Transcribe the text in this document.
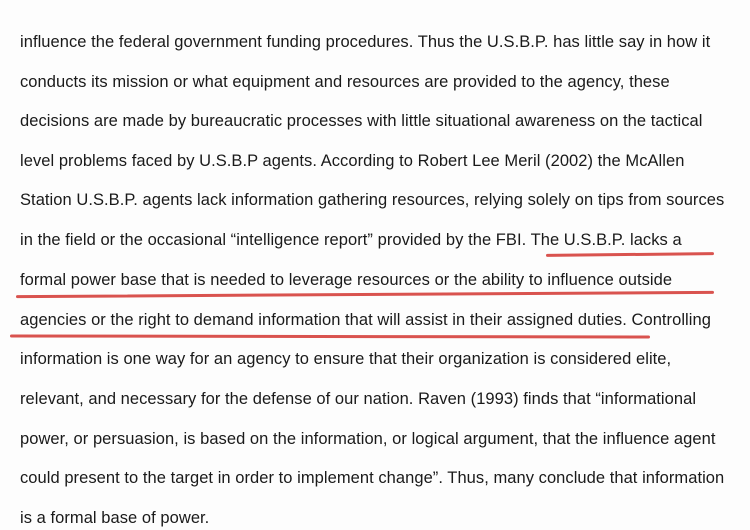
influence the federal government funding procedures. Thus the U.S.B.P. has little say in how it
conducts its mission or what equipment and resources are provided to the agency, these
decisions are made by bureaucratic processes with little situational awareness on the tactical
level problems faced by U.S.B.P agents. According to Robert Lee Meril (2002) the McAllen
Station U.S.B.P. agents lack information gathering resources, relying solely on tips from sources
in the field or the occasional “intelligence report” provided by the FBI. The U.S.B.P. lacks a
formal power base that is needed to leverage resources or the ability to influence outside
agencies or the right to demand information that will assist in their assigned duties. Controlling
information is one way for an agency to ensure that their organization is considered elite,
relevant, and necessary for the defense of our nation. Raven (1993) finds that “informational
power, or persuasion, is based on the information, or logical argument, that the influence agent
could present to the target in order to implement change”. Thus, many conclude that information
is a formal base of power.
